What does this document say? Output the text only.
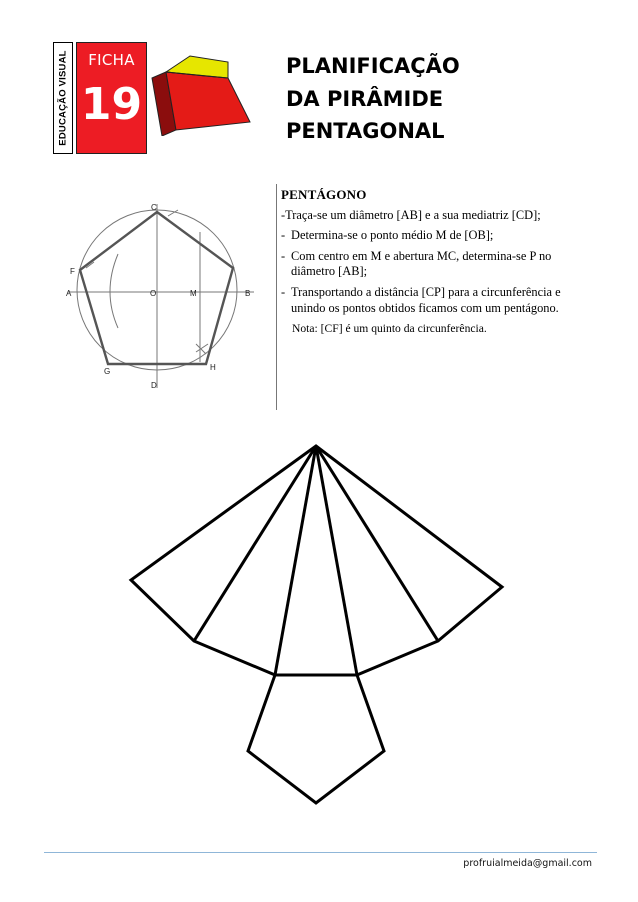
EDUCAÇÃO VISUAL	FICHA
19
PLANIFICAÇÃO
DA PIRÂMIDE
PENTAGONAL
C
F
A	O	M	B
G
D
H
PENTÁGONO
-Traça-se um diâmetro [AB] e a sua mediatriz [CD];
- Determina-se o ponto médio M de [OB];
- Com centro em M e abertura MC, determina-se P no diâmetro [AB];
- Transportando a distância [CP] para a circunferência e unindo os pontos obtidos ficamos com um pentágono.
Nota: [CF] é um quinto da circunferência.
profruialmeida@gmail.com
